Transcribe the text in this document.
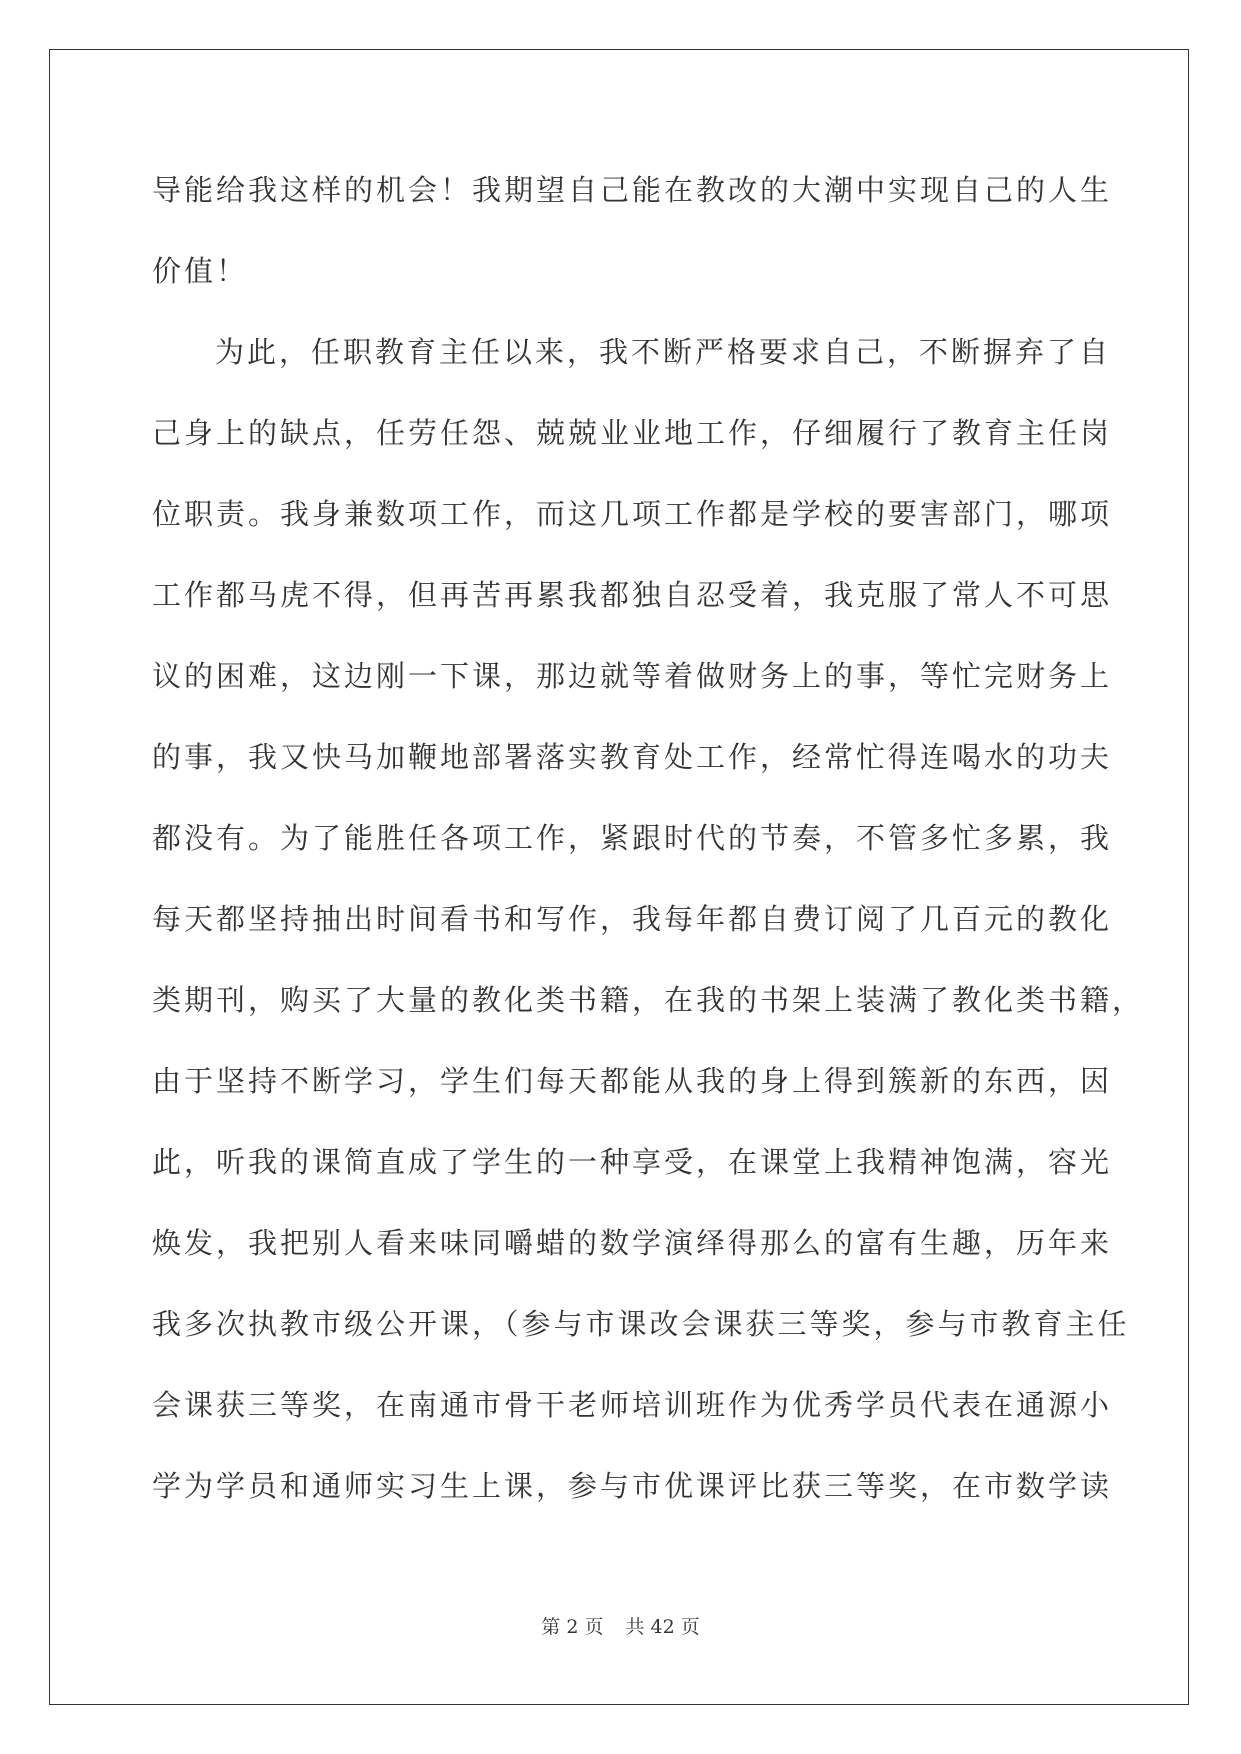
导能给我这样的机会！我期望自己能在教改的大潮中实现自己的人生
价值！
为此，任职教育主任以来，我不断严格要求自己，不断摒弃了自
己身上的缺点，任劳任怨、兢兢业业地工作，仔细履行了教育主任岗
位职责。我身兼数项工作，而这几项工作都是学校的要害部门，哪项
工作都马虎不得，但再苦再累我都独自忍受着，我克服了常人不可思
议的困难，这边刚一下课，那边就等着做财务上的事，等忙完财务上
的事，我又快马加鞭地部署落实教育处工作，经常忙得连喝水的功夫
都没有。为了能胜任各项工作，紧跟时代的节奏，不管多忙多累，我
每天都坚持抽出时间看书和写作，我每年都自费订阅了几百元的教化
类期刊，购买了大量的教化类书籍，在我的书架上装满了教化类书籍，
由于坚持不断学习，学生们每天都能从我的身上得到簇新的东西，因
此，听我的课简直成了学生的一种享受，在课堂上我精神饱满，容光
焕发，我把别人看来味同嚼蜡的数学演绎得那么的富有生趣，历年来
我多次执教市级公开课，（参与市课改会课获三等奖，参与市教育主任
会课获三等奖，在南通市骨干老师培训班作为优秀学员代表在通源小
学为学员和通师实习生上课，参与市优课评比获三等奖，在市数学读
第 2 页 共 42 页
